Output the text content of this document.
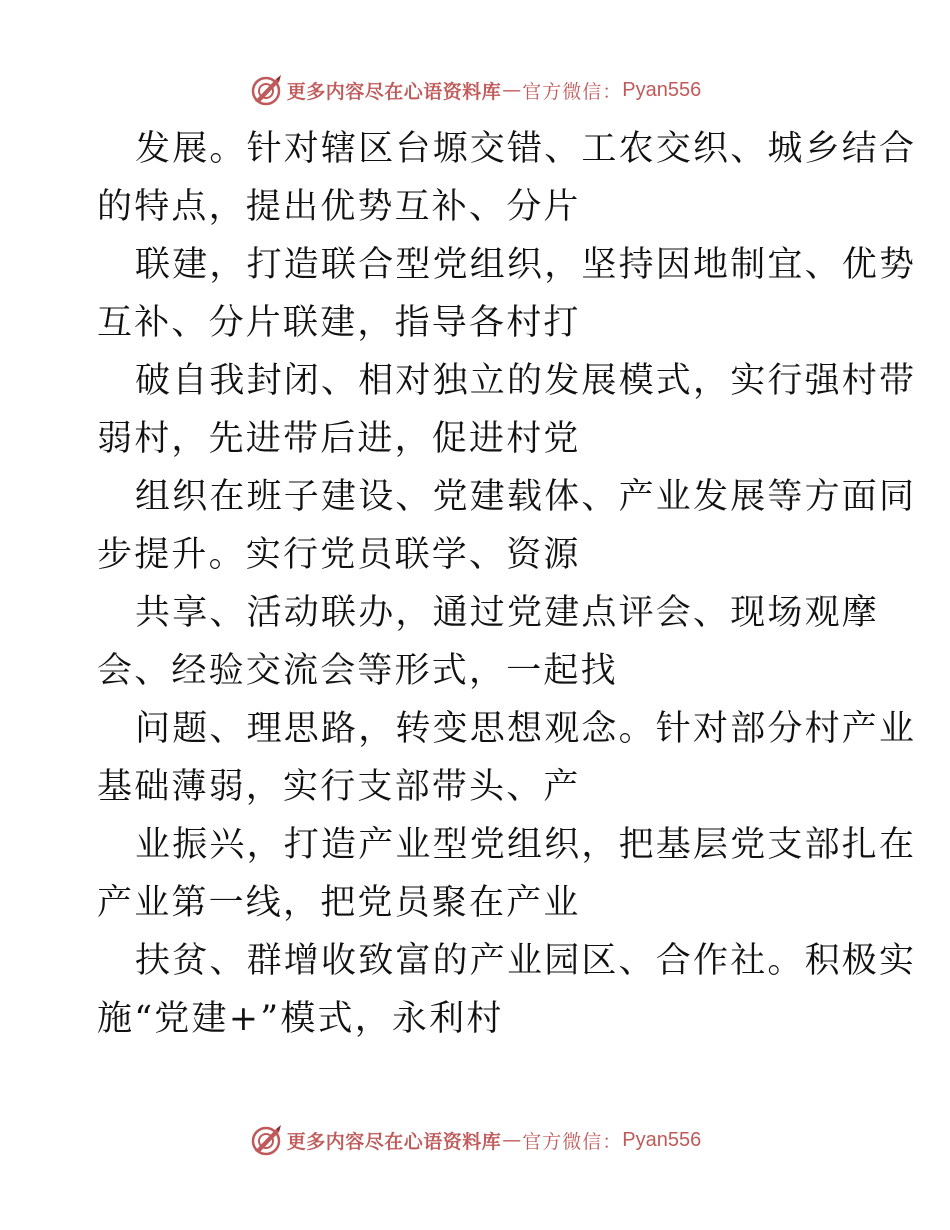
更多内容尽在心语资料库 — 官方微信： Pyan556

发展。针对辖区台塬交错、工农交织、城乡结合
的特点，提出优势互补、分片

联建，打造联合型党组织，坚持因地制宜、优势
互补、分片联建，指导各村打

破自我封闭、相对独立的发展模式，实行强村带
弱村，先进带后进，促进村党

组织在班子建设、党建载体、产业发展等方面同
步提升。实行党员联学、资源

共享、活动联办，通过党建点评会、现场观摩
会、经验交流会等形式，一起找

问题、理思路，转变思想观念。针对部分村产业
基础薄弱，实行支部带头、产

业振兴，打造产业型党组织，把基层党支部扎在
产业第一线，把党员聚在产业

扶贫、群增收致富的产业园区、合作社。积极实
施“党建+”模式，永利村

更多内容尽在心语资料库 — 官方微信： Pyan556
